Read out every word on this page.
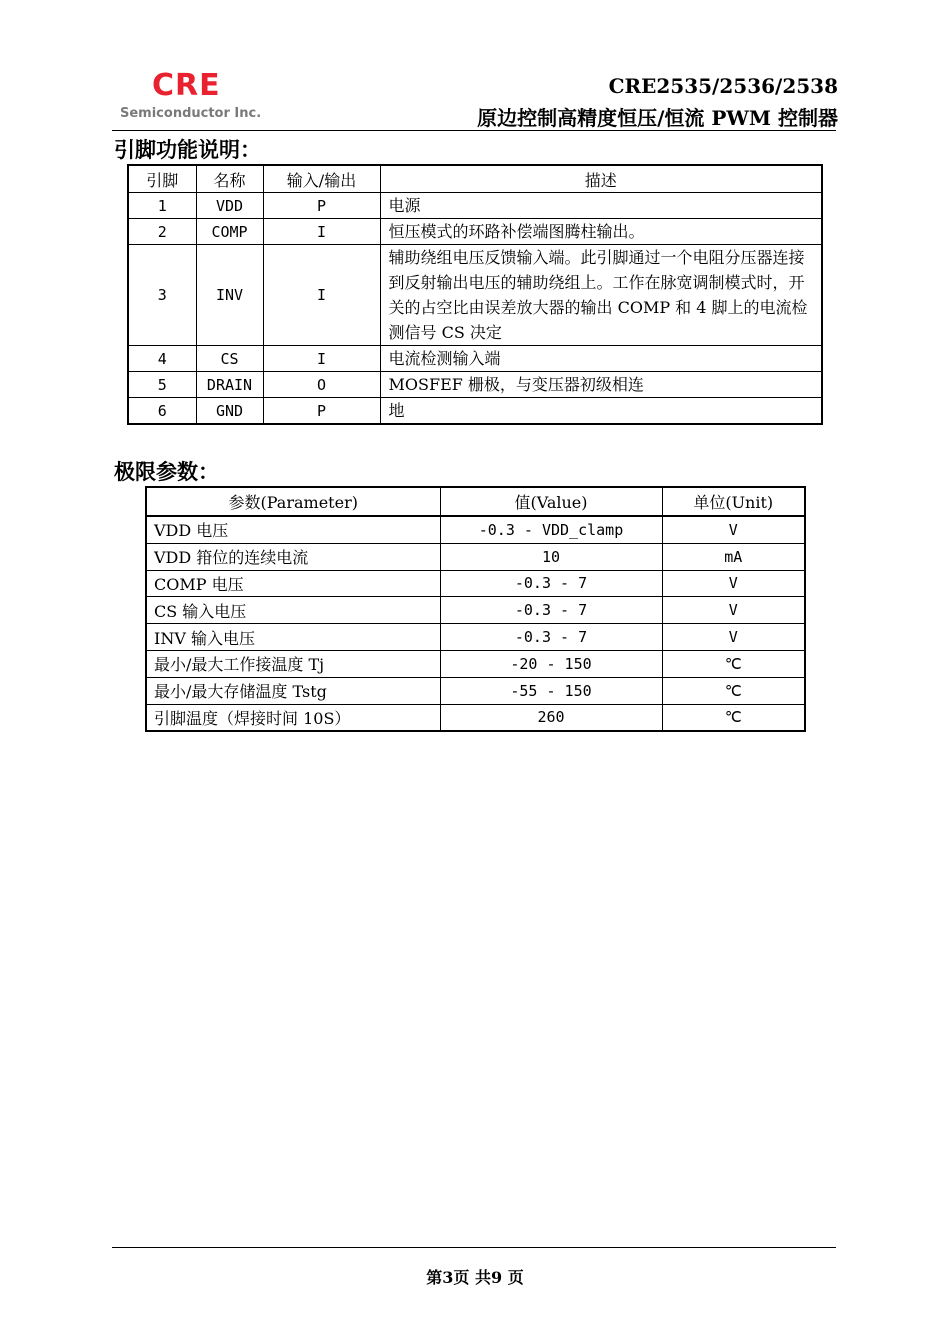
CRE
Semiconductor Inc.
CRE2535/2536/2538
原边控制高精度恒压/恒流 PWM 控制器
引脚功能说明：
引脚	名称	输入/输出	描述
1	VDD	P	电源
2	COMP	I	恒压模式的环路补偿端图腾柱输出。
3	INV	I	辅助绕组电压反馈输入端。此引脚通过一个电阻分压器连接到反射输出电压的辅助绕组上。工作在脉宽调制模式时，开关的占空比由误差放大器的输出 COMP 和 4 脚上的电流检测信号 CS 决定
4	CS	I	电流检测输入端
5	DRAIN	O	MOSFEF 栅极，与变压器初级相连
6	GND	P	地
极限参数：
参数(Parameter)	值(Value)	单位(Unit)
VDD 电压	-0.3 - VDD_clamp	V
VDD 箝位的连续电流	10	mA
COMP 电压	-0.3 - 7	V
CS 输入电压	-0.3 - 7	V
INV 输入电压	-0.3 - 7	V
最小/最大工作接温度 Tj	-20 - 150	℃
最小/最大存储温度 Tstg	-55 - 150	℃
引脚温度（焊接时间 10S）	260	℃
第3页 共9 页
